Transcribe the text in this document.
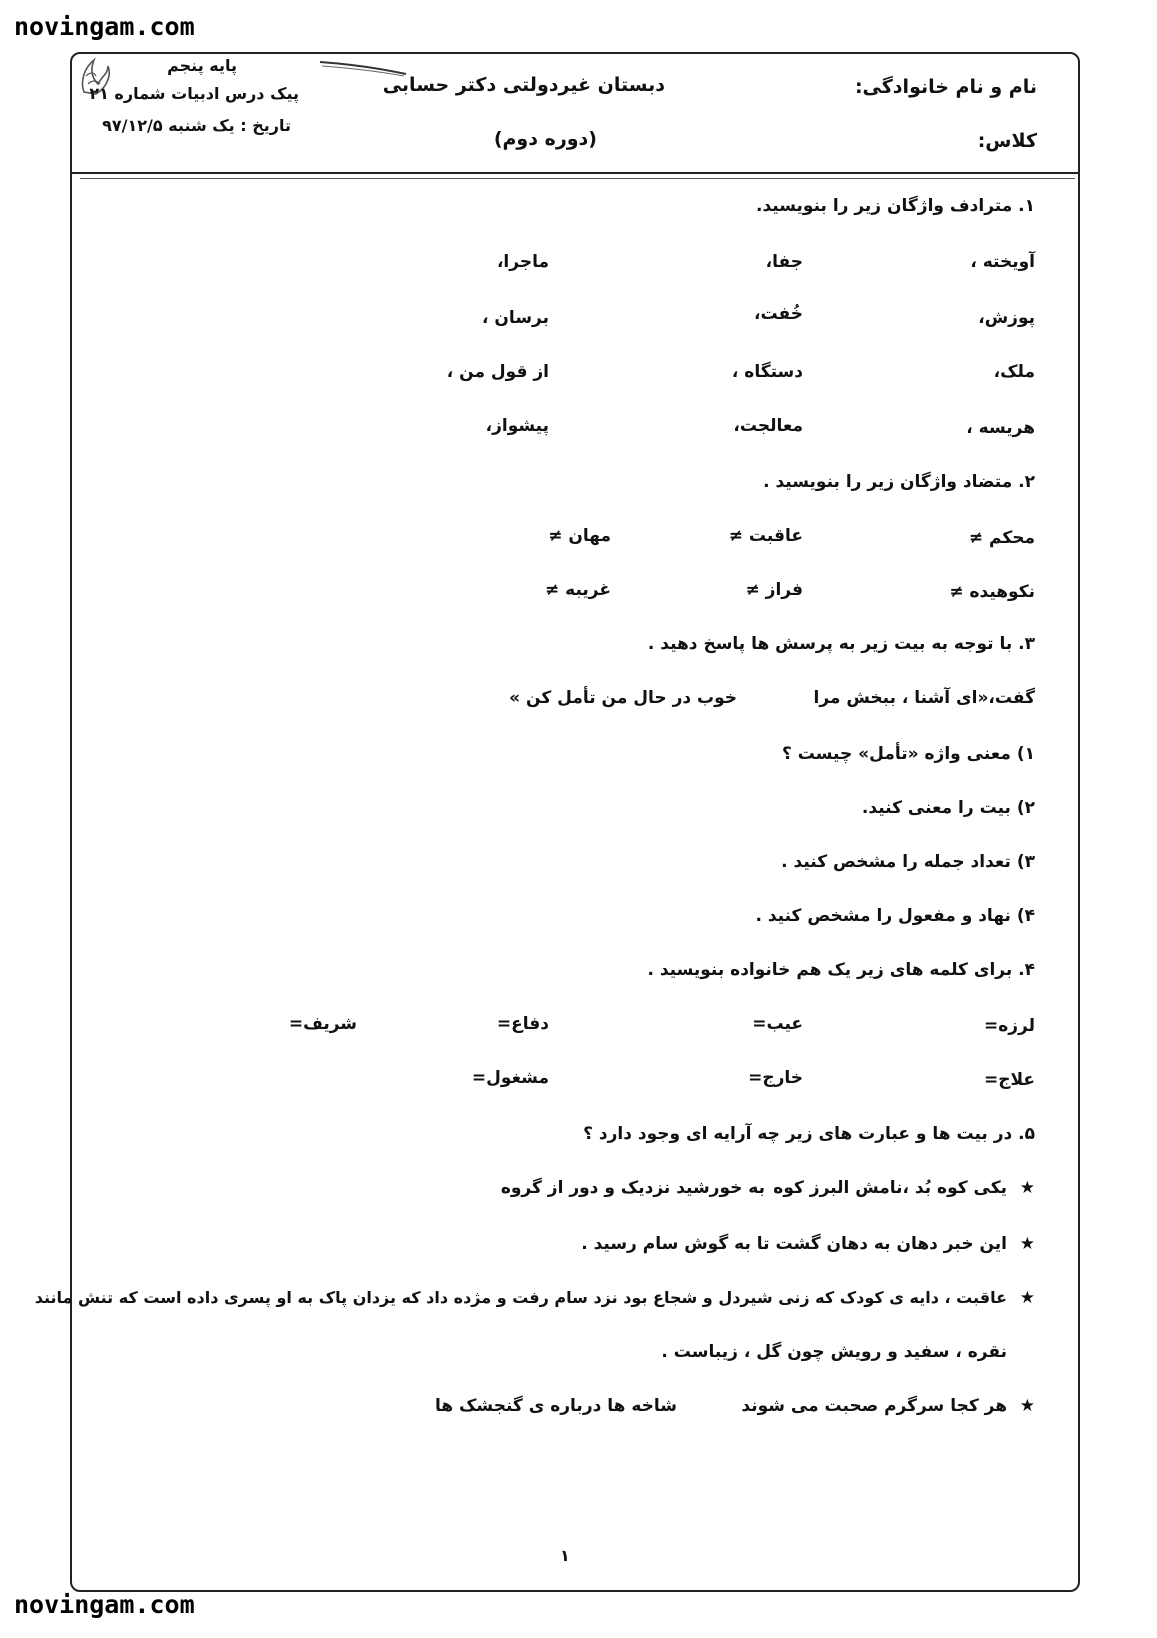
novingam.com
novingam.com
نام و نام خانوادگی:
کلاس:
دبستان غیردولتی دکتر حسابی
(دوره دوم)
پایه پنجم
پیک درس ادبیات شماره ۲۱
تاریخ : یک شنبه ۹۷/۱۲/۵
۱. مترادف واژگان زیر را بنویسید.
آویخته ،
جفا،
ماجرا،
پوزش،
خُفت،
برسان ،
ملک،
دستگاه ،
از قول من ،
هریسه ،
معالجت،
پیشواز،
۲. متضاد واژگان زیر را بنویسید .
محکم ≠
عاقبت ≠
مهان ≠
نکوهیده ≠
فراز ≠
غریبه ≠
۳. با توجه به بیت زیر به پرسش ها پاسخ دهید .
گفت،«ای آشنا ، ببخش مرا
خوب در حال من تأمل کن »
۱) معنی واژه «تأمل» چیست ؟
۲) بیت را معنی کنید.
۳) تعداد جمله را مشخص کنید .
۴) نهاد و مفعول را مشخص کنید .
۴. برای کلمه های زیر یک هم خانواده بنویسید .
لرزه=
عیب=
دفاع=
شریف=
علاج=
خارج=
مشغول=
۵. در بیت ها و عبارت های زیر چه آرایه ای وجود دارد ؟
★
یکی کوه بُد ،نامش البرز کوه
به خورشید نزدیک و دور از گروه
★
این خبر دهان به دهان گشت تا به گوش سام رسید .
★
عاقبت ، دایه ی کودک که زنی شیردل و شجاع بود نزد سام رفت و مژده داد که یزدان پاک به او پسری داده است که تنش مانند
نقره ، سفید و رویش چون گل ، زیباست .
★
هر کجا سرگرم صحبت می شوند
شاخه ها درباره ی گنجشک ها
۱
